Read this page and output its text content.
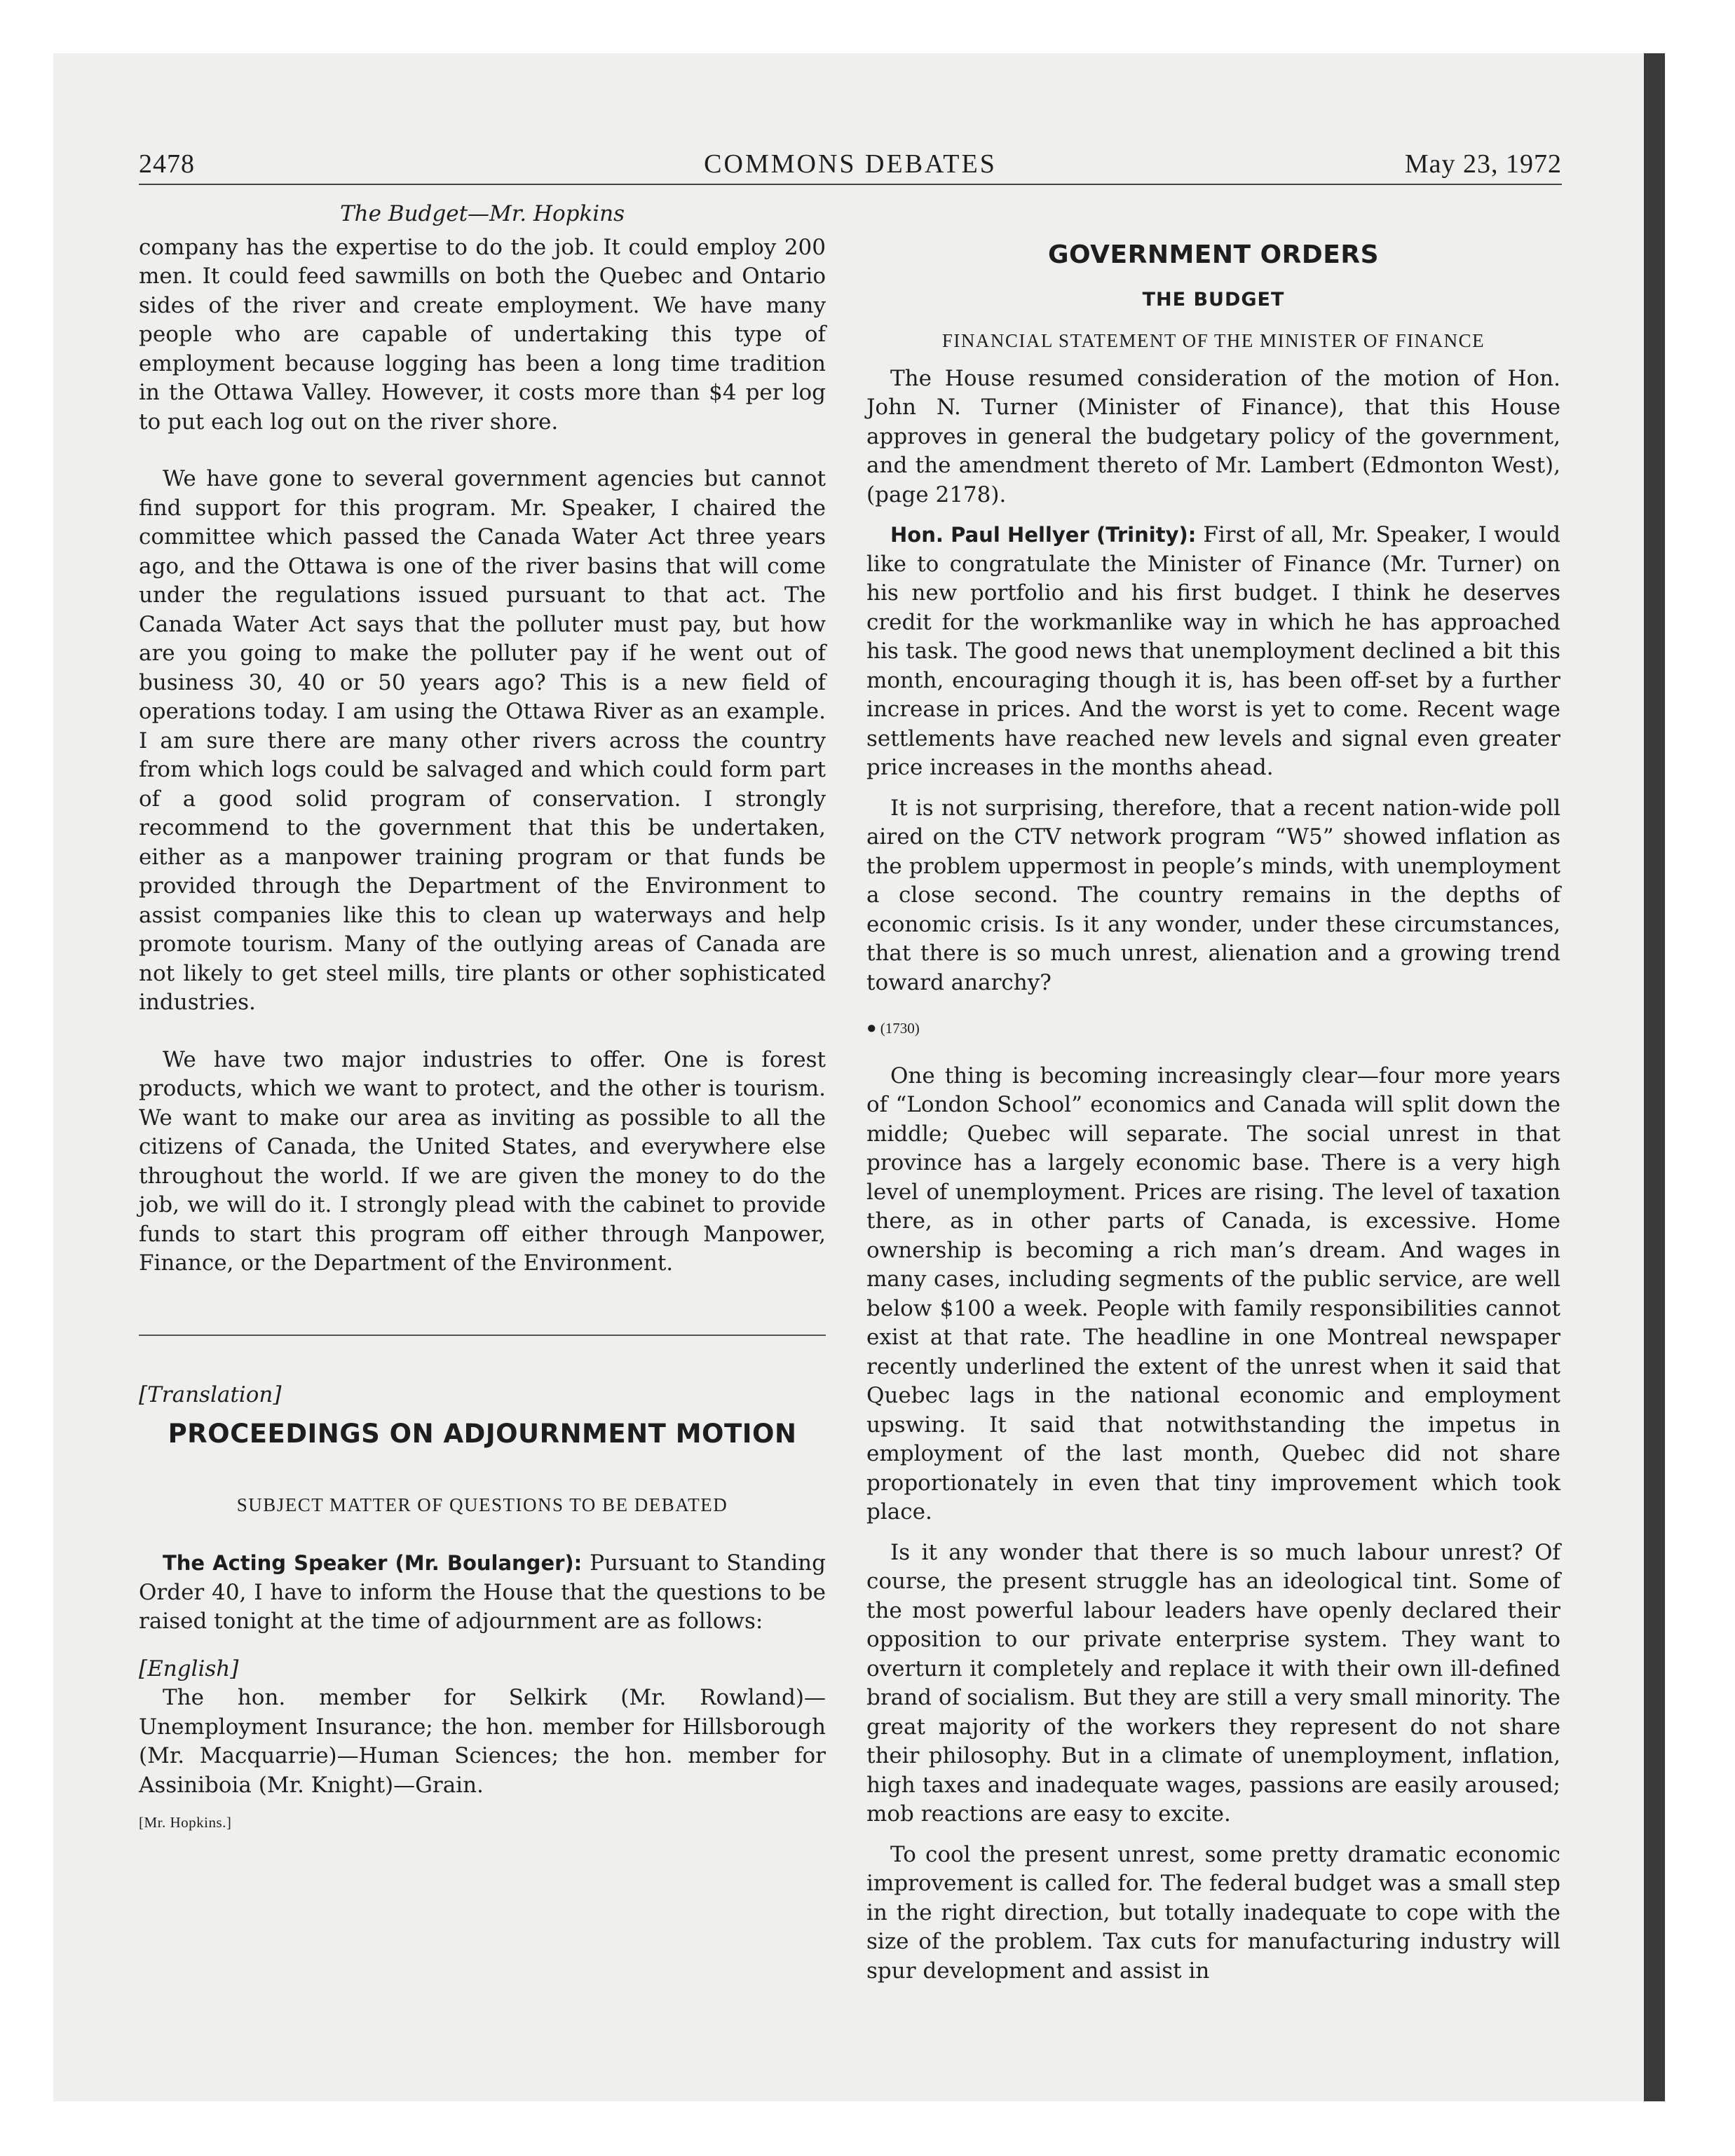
2478	COMMONS DEBATES	May 23, 1972
The Budget—Mr. Hopkins

company has the expertise to do the job. It could employ 200 men. It could feed sawmills on both the Quebec and Ontario sides of the river and create employment. We have many people who are capable of undertaking this type of employment because logging has been a long time tradition in the Ottawa Valley. However, it costs more than $4 per log to put each log out on the river shore.

We have gone to several government agencies but cannot find support for this program. Mr. Speaker, I chaired the committee which passed the Canada Water Act three years ago, and the Ottawa is one of the river basins that will come under the regulations issued pursuant to that act. The Canada Water Act says that the polluter must pay, but how are you going to make the polluter pay if he went out of business 30, 40 or 50 years ago? This is a new field of operations today. I am using the Ottawa River as an example. I am sure there are many other rivers across the country from which logs could be salvaged and which could form part of a good solid program of conservation. I strongly recommend to the government that this be undertaken, either as a manpower training program or that funds be provided through the Department of the Environment to assist companies like this to clean up waterways and help promote tourism. Many of the outlying areas of Canada are not likely to get steel mills, tire plants or other sophisticated industries.

We have two major industries to offer. One is forest products, which we want to protect, and the other is tourism. We want to make our area as inviting as possible to all the citizens of Canada, the United States, and everywhere else throughout the world. If we are given the money to do the job, we will do it. I strongly plead with the cabinet to provide funds to start this program off either through Manpower, Finance, or the Department of the Environment.

[Translation]
PROCEEDINGS ON ADJOURNMENT MOTION
SUBJECT MATTER OF QUESTIONS TO BE DEBATED

The Acting Speaker (Mr. Boulanger): Pursuant to Standing Order 40, I have to inform the House that the questions to be raised tonight at the time of adjournment are as follows:

[English]

The hon. member for Selkirk (Mr. Rowland)—Unemployment Insurance; the hon. member for Hillsborough (Mr. Macquarrie)—Human Sciences; the hon. member for Assiniboia (Mr. Knight)—Grain.

[Mr. Hopkins.]
GOVERNMENT ORDERS
THE BUDGET
FINANCIAL STATEMENT OF THE MINISTER OF FINANCE

The House resumed consideration of the motion of Hon. John N. Turner (Minister of Finance), that this House approves in general the budgetary policy of the government, and the amendment thereto of Mr. Lambert (Edmonton West), (page 2178).

Hon. Paul Hellyer (Trinity): First of all, Mr. Speaker, I would like to congratulate the Minister of Finance (Mr. Turner) on his new portfolio and his first budget. I think he deserves credit for the workmanlike way in which he has approached his task. The good news that unemployment declined a bit this month, encouraging though it is, has been off-set by a further increase in prices. And the worst is yet to come. Recent wage settlements have reached new levels and signal even greater price increases in the months ahead.

It is not surprising, therefore, that a recent nation-wide poll aired on the CTV network program “W5” showed inflation as the problem uppermost in people’s minds, with unemployment a close second. The country remains in the depths of economic crisis. Is it any wonder, under these circumstances, that there is so much unrest, alienation and a growing trend toward anarchy?

● (1730)

One thing is becoming increasingly clear—four more years of “London School” economics and Canada will split down the middle; Quebec will separate. The social unrest in that province has a largely economic base. There is a very high level of unemployment. Prices are rising. The level of taxation there, as in other parts of Canada, is excessive. Home ownership is becoming a rich man’s dream. And wages in many cases, including segments of the public service, are well below $100 a week. People with family responsibilities cannot exist at that rate. The headline in one Montreal newspaper recently underlined the extent of the unrest when it said that Quebec lags in the national economic and employment upswing. It said that notwithstanding the impetus in employment of the last month, Quebec did not share proportionately in even that tiny improvement which took place.

Is it any wonder that there is so much labour unrest? Of course, the present struggle has an ideological tint. Some of the most powerful labour leaders have openly declared their opposition to our private enterprise system. They want to overturn it completely and replace it with their own ill-defined brand of socialism. But they are still a very small minority. The great majority of the workers they represent do not share their philosophy. But in a climate of unemployment, inflation, high taxes and inadequate wages, passions are easily aroused; mob reactions are easy to excite.

To cool the present unrest, some pretty dramatic economic improvement is called for. The federal budget was a small step in the right direction, but totally inadequate to cope with the size of the problem. Tax cuts for manufacturing industry will spur development and assist in
